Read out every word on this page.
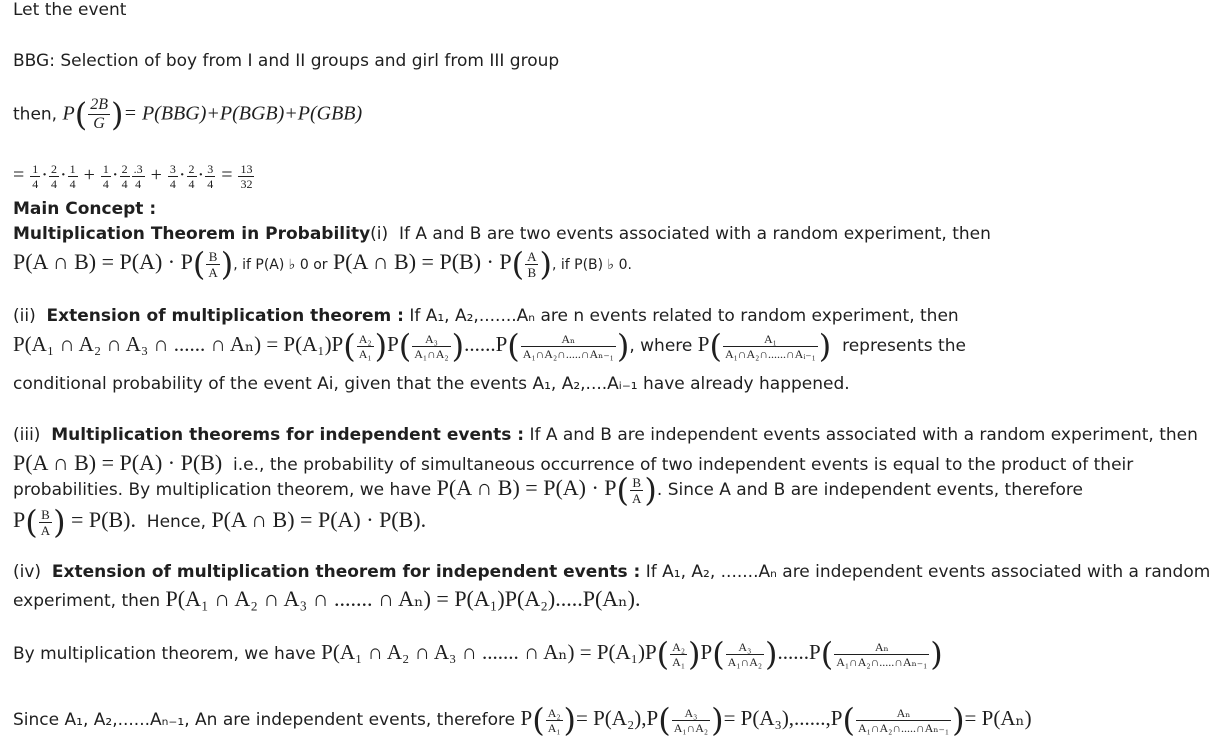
Let the event
BBG: Selection of boy from I and II groups and girl from III group
then, $P( \frac{2B}{G}$ )= P(BBG)+P(BGB)+P(GBB)
= $\frac{1}{4} \cdot \frac{2}{4} \cdot \frac{1}{4} + \frac{1}{4} \cdot \frac{2}{4} \frac{.3}{4} + \frac{3}{4} \cdot \frac{2}{4} \cdot \frac{3}{4} = \frac{13}{32}$
Main Concept :
Multiplication Theorem in Probability(i) If A and B are two events associated with a random experiment, then
P(A ∩ $B) = P(A) \cdot P( \frac{B}{A}$ ), if P(A) ♭ 0 or P(A ∩ $B) = P(B) \cdot P( \frac{A}{B}$ ), if P(B) ♭ 0.
(ii) Extension of multiplication theorem : If A₁, A₂,.......Aₙ are n events related to random experiment, then
P(A₁ ∩ A₂ ∩ A₃ ∩ ...... ∩ $A_n) = P(A_1)P( \frac{\text{A₂}}{\text{A₁}} )P( \frac{\text{A₃}}{\text{A₁∩A₂}} )......P( \frac{\text{Aₙ}}{\text{A₁∩A₂∩.....∩Aₙ₋₁}}$ ), where $P( \frac{\text{A₁}}{\text{A₁∩A₂∩......∩Aᵢ₋₁}}$ ) represents the
conditional probability of the event Ai, given that the events A₁, A₂,....Aᵢ₋₁ have already happened.
(iii) Multiplication theorems for independent events : If A and B are independent events associated with a random experiment, then
P(A ∩ B) = P(A) · P(B) i.e., the probability of simultaneous occurrence of two independent events is equal to the product of their
probabilities. By multiplication theorem, we have P(A ∩ $B) = P(A) \cdot P( \frac{B}{A}$ ). Since A and B are independent events, therefore
$P( \frac{B}{A}$ ) = P(B). Hence, P(A ∩ B) = P(A) · P(B).
(iv) Extension of multiplication theorem for independent events : If A₁, A₂, .......Aₙ are independent events associated with a random
experiment, then P(A₁ ∩ A₂ ∩ A₃ ∩ ....... ∩ Aₙ) = P(A₁)P(A₂).....P(Aₙ).
By multiplication theorem, we have P(A₁ ∩ A₂ ∩ A₃ ∩ ....... ∩ $A_n) = P(A_1)P( \frac{\text{A₂}}{\text{A₁}} )P( \frac{\text{A₃}}{\text{A₁∩A₂}} )......P( \frac{\text{Aₙ}}{\text{A₁∩A₂∩.....∩Aₙ₋₁}}$ )
Since A₁, A₂,......Aₙ₋₁, An are independent events, therefore $P( \frac{\text{A₂}}{\text{A₁}}$ )= $P(A_2),P( \frac{\text{A₃}}{\text{A₁∩A₂}}$ )= $P(A_3),......,P( \frac{\text{Aₙ}}{\text{A₁∩A₂∩.....∩Aₙ₋₁}}$ )= P(Aₙ)
